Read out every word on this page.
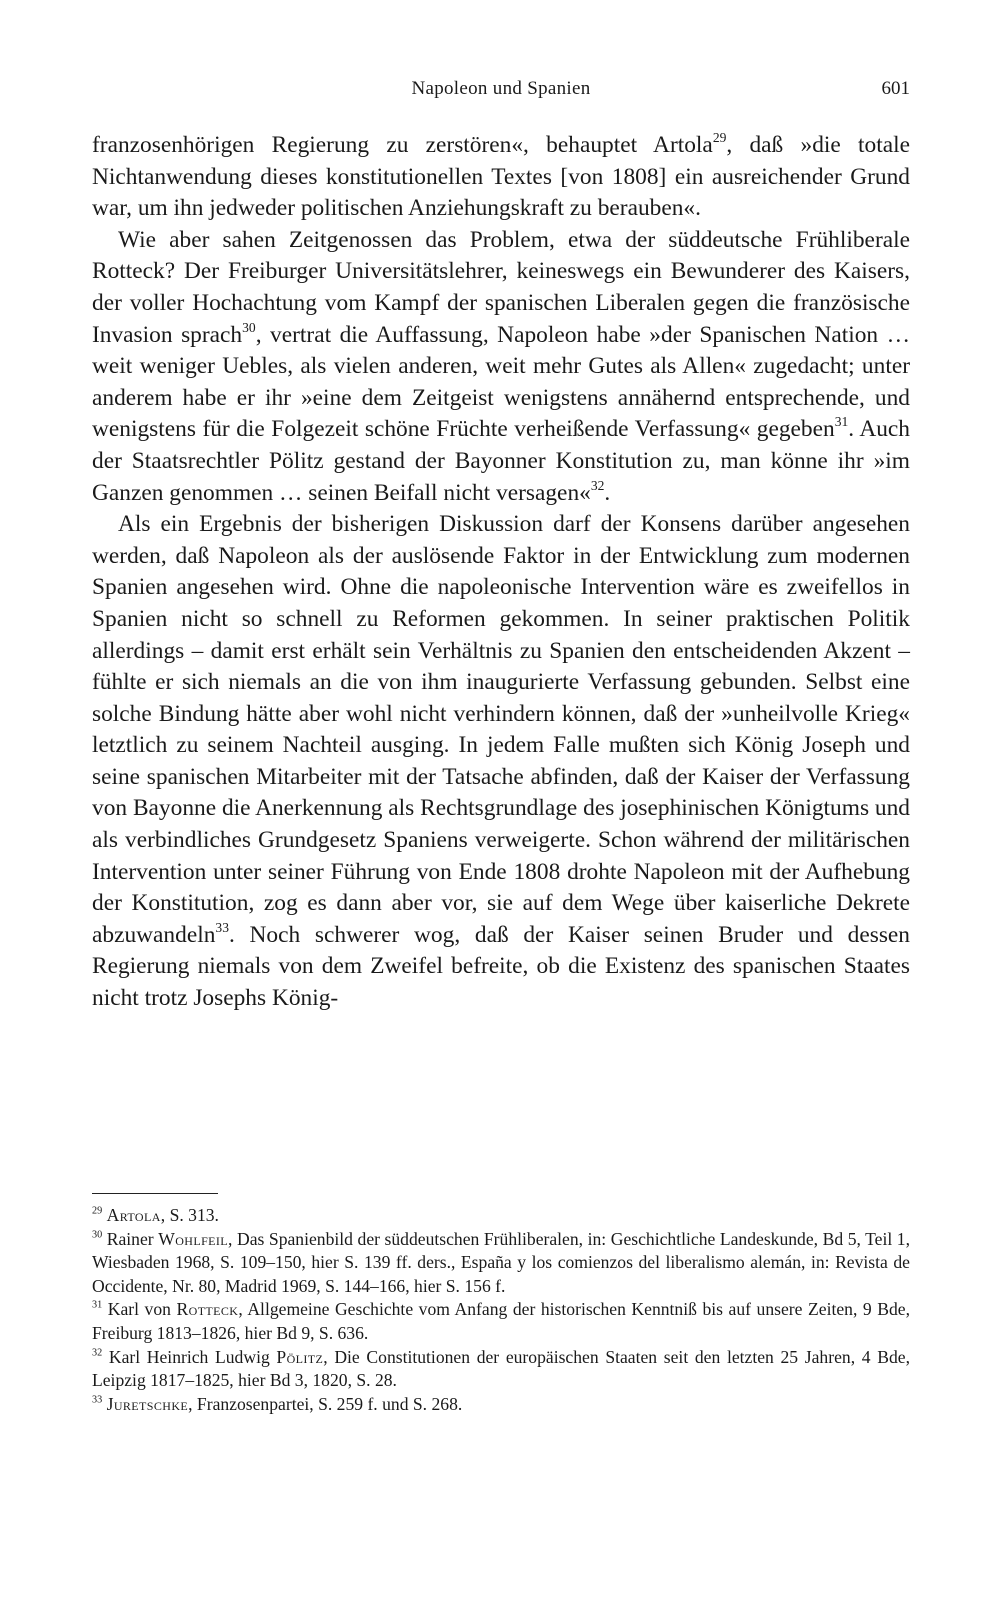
Napoleon und Spanien	601

franzosenhörigen Regierung zu zerstören«, behauptet Artola$^{29}$, daß »die totale Nichtanwendung dieses konstitutionellen Textes [von 1808] ein ausreichender Grund war, um ihn jedweder politischen Anziehungskraft zu berauben«.

Wie aber sahen Zeitgenossen das Problem, etwa der süddeutsche Frühliberale Rotteck? Der Freiburger Universitätslehrer, keineswegs ein Bewunderer des Kaisers, der voller Hochachtung vom Kampf der spanischen Liberalen gegen die französische Invasion sprach$^{30}$, vertrat die Auffassung, Napoleon habe »der Spanischen Nation … weit weniger Uebles, als vielen anderen, weit mehr Gutes als Allen« zugedacht; unter anderem habe er ihr »eine dem Zeitgeist wenigstens annähernd entsprechende, und wenigstens für die Folgezeit schöne Früchte verheißende Verfassung« gegeben$^{31}$. Auch der Staatsrechtler Pölitz gestand der Bayonner Konstitution zu, man könne ihr »im Ganzen genommen … seinen Beifall nicht versagen«$^{32}$.

Als ein Ergebnis der bisherigen Diskussion darf der Konsens darüber angesehen werden, daß Napoleon als der auslösende Faktor in der Entwicklung zum modernen Spanien angesehen wird. Ohne die napoleonische Intervention wäre es zweifellos in Spanien nicht so schnell zu Reformen gekommen. In seiner praktischen Politik allerdings – damit erst erhält sein Verhältnis zu Spanien den entscheidenden Akzent – fühlte er sich niemals an die von ihm inaugurierte Verfassung gebunden. Selbst eine solche Bindung hätte aber wohl nicht verhindern können, daß der »unheilvolle Krieg« letztlich zu seinem Nachteil ausging. In jedem Falle mußten sich König Joseph und seine spanischen Mitarbeiter mit der Tatsache abfinden, daß der Kaiser der Verfassung von Bayonne die Anerkennung als Rechtsgrundlage des josephinischen Königtums und als verbindliches Grundgesetz Spaniens verweigerte. Schon während der militärischen Intervention unter seiner Führung von Ende 1808 drohte Napoleon mit der Aufhebung der Konstitution, zog es dann aber vor, sie auf dem Wege über kaiserliche Dekrete abzuwandeln$^{33}$. Noch schwerer wog, daß der Kaiser seinen Bruder und dessen Regierung niemals von dem Zweifel befreite, ob die Existenz des spanischen Staates nicht trotz Josephs König-

$^{29}$ Artola, S. 313.
$^{30}$ Rainer Wohlfeil, Das Spanienbild der süddeutschen Frühliberalen, in: Geschichtliche Landeskunde, Bd 5, Teil 1, Wiesbaden 1968, S. 109–150, hier S. 139 ff. ders., España y los comienzos del liberalismo alemán, in: Revista de Occidente, Nr. 80, Madrid 1969, S. 144–166, hier S. 156 f.
$^{31}$ Karl von Rotteck, Allgemeine Geschichte vom Anfang der historischen Kenntniß bis auf unsere Zeiten, 9 Bde, Freiburg 1813–1826, hier Bd 9, S. 636.
$^{32}$ Karl Heinrich Ludwig Pölitz, Die Constitutionen der europäischen Staaten seit den letzten 25 Jahren, 4 Bde, Leipzig 1817–1825, hier Bd 3, 1820, S. 28.
$^{33}$ Juretschke, Franzosenpartei, S. 259 f. und S. 268.
